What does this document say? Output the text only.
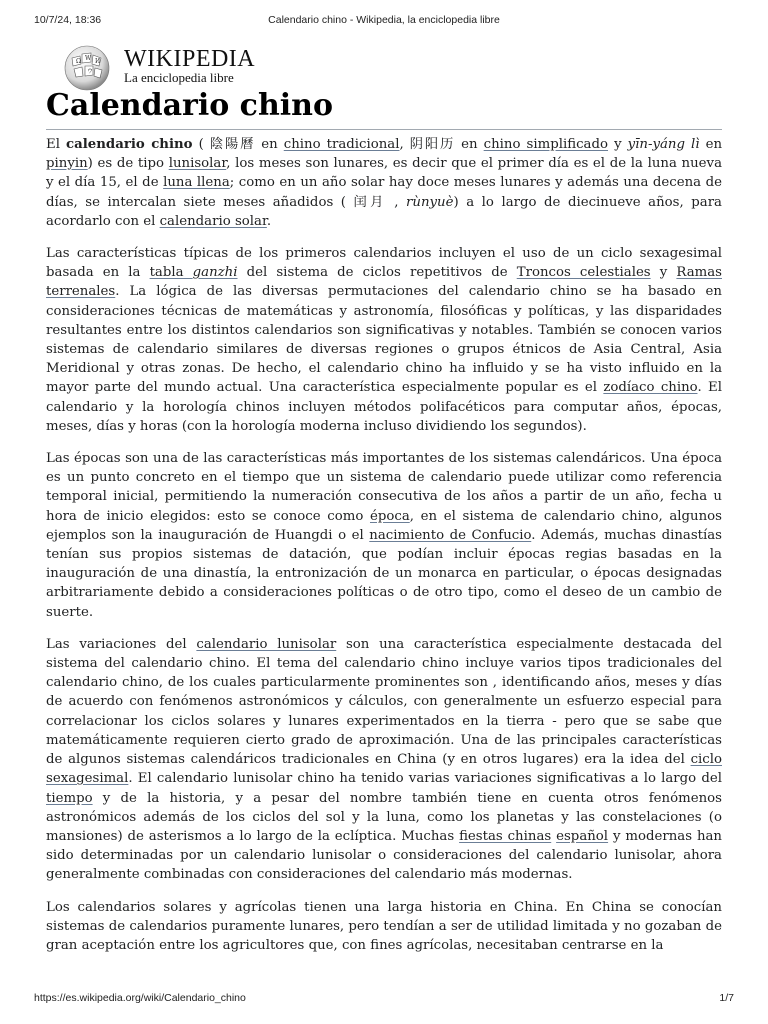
10/7/24, 18:36	Calendario chino - Wikipedia, la enciclopedia libre
Ω W И
ウ WIKIPEDIA
La enciclopedia libre
Calendario chino

El calendario chino ( 陰陽曆 en chino tradicional, 阴阳历 en chino simplificado y yīn-yáng lì en pinyin) es de tipo lunisolar, los meses son lunares, es decir que el primer día es el de la luna nueva y el día 15, el de luna llena; como en un año solar hay doce meses lunares y además una decena de días, se intercalan siete meses añadidos ( 闰月 , rùnyuè) a lo largo de diecinueve años, para acordarlo con el calendario solar.

Las características típicas de los primeros calendarios incluyen el uso de un ciclo sexagesimal basada en la tabla ganzhi del sistema de ciclos repetitivos de Troncos celestiales y Ramas terrenales. La lógica de las diversas permutaciones del calendario chino se ha basado en consideraciones técnicas de matemáticas y astronomía, filosóficas y políticas, y las disparidades resultantes entre los distintos calendarios son significativas y notables. También se conocen varios sistemas de calendario similares de diversas regiones o grupos étnicos de Asia Central, Asia Meridional y otras zonas. De hecho, el calendario chino ha influido y se ha visto influido en la mayor parte del mundo actual. Una característica especialmente popular es el zodíaco chino. El calendario y la horología chinos incluyen métodos polifacéticos para computar años, épocas, meses, días y horas (con la horología moderna incluso dividiendo los segundos).

Las épocas son una de las características más importantes de los sistemas calendáricos. Una época es un punto concreto en el tiempo que un sistema de calendario puede utilizar como referencia temporal inicial, permitiendo la numeración consecutiva de los años a partir de un año, fecha u hora de inicio elegidos: esto se conoce como época, en el sistema de calendario chino, algunos ejemplos son la inauguración de Huangdi o el nacimiento de Confucio. Además, muchas dinastías tenían sus propios sistemas de datación, que podían incluir épocas regias basadas en la inauguración de una dinastía, la entronización de un monarca en particular, o épocas designadas arbitrariamente debido a consideraciones políticas o de otro tipo, como el deseo de un cambio de suerte.

Las variaciones del calendario lunisolar son una característica especialmente destacada del sistema del calendario chino. El tema del calendario chino incluye varios tipos tradicionales del calendario chino, de los cuales particularmente prominentes son , identificando años, meses y días de acuerdo con fenómenos astronómicos y cálculos, con generalmente un esfuerzo especial para correlacionar los ciclos solares y lunares experimentados en la tierra - pero que se sabe que matemáticamente requieren cierto grado de aproximación. Una de las principales características de algunos sistemas calendáricos tradicionales en China (y en otros lugares) era la idea del ciclo sexagesimal. El calendario lunisolar chino ha tenido varias variaciones significativas a lo largo del tiempo y de la historia, y a pesar del nombre también tiene en cuenta otros fenómenos astronómicos además de los ciclos del sol y la luna, como los planetas y las constelaciones (o mansiones) de asterismos a lo largo de la eclíptica. Muchas fiestas chinas español y modernas han sido determinadas por un calendario lunisolar o consideraciones del calendario lunisolar, ahora generalmente combinadas con consideraciones del calendario más modernas.

Los calendarios solares y agrícolas tienen una larga historia en China. En China se conocían sistemas de calendarios puramente lunares, pero tendían a ser de utilidad limitada y no gozaban de gran aceptación entre los agricultores que, con fines agrícolas, necesitaban centrarse en la

https://es.wikipedia.org/wiki/Calendario_chino	1/7
